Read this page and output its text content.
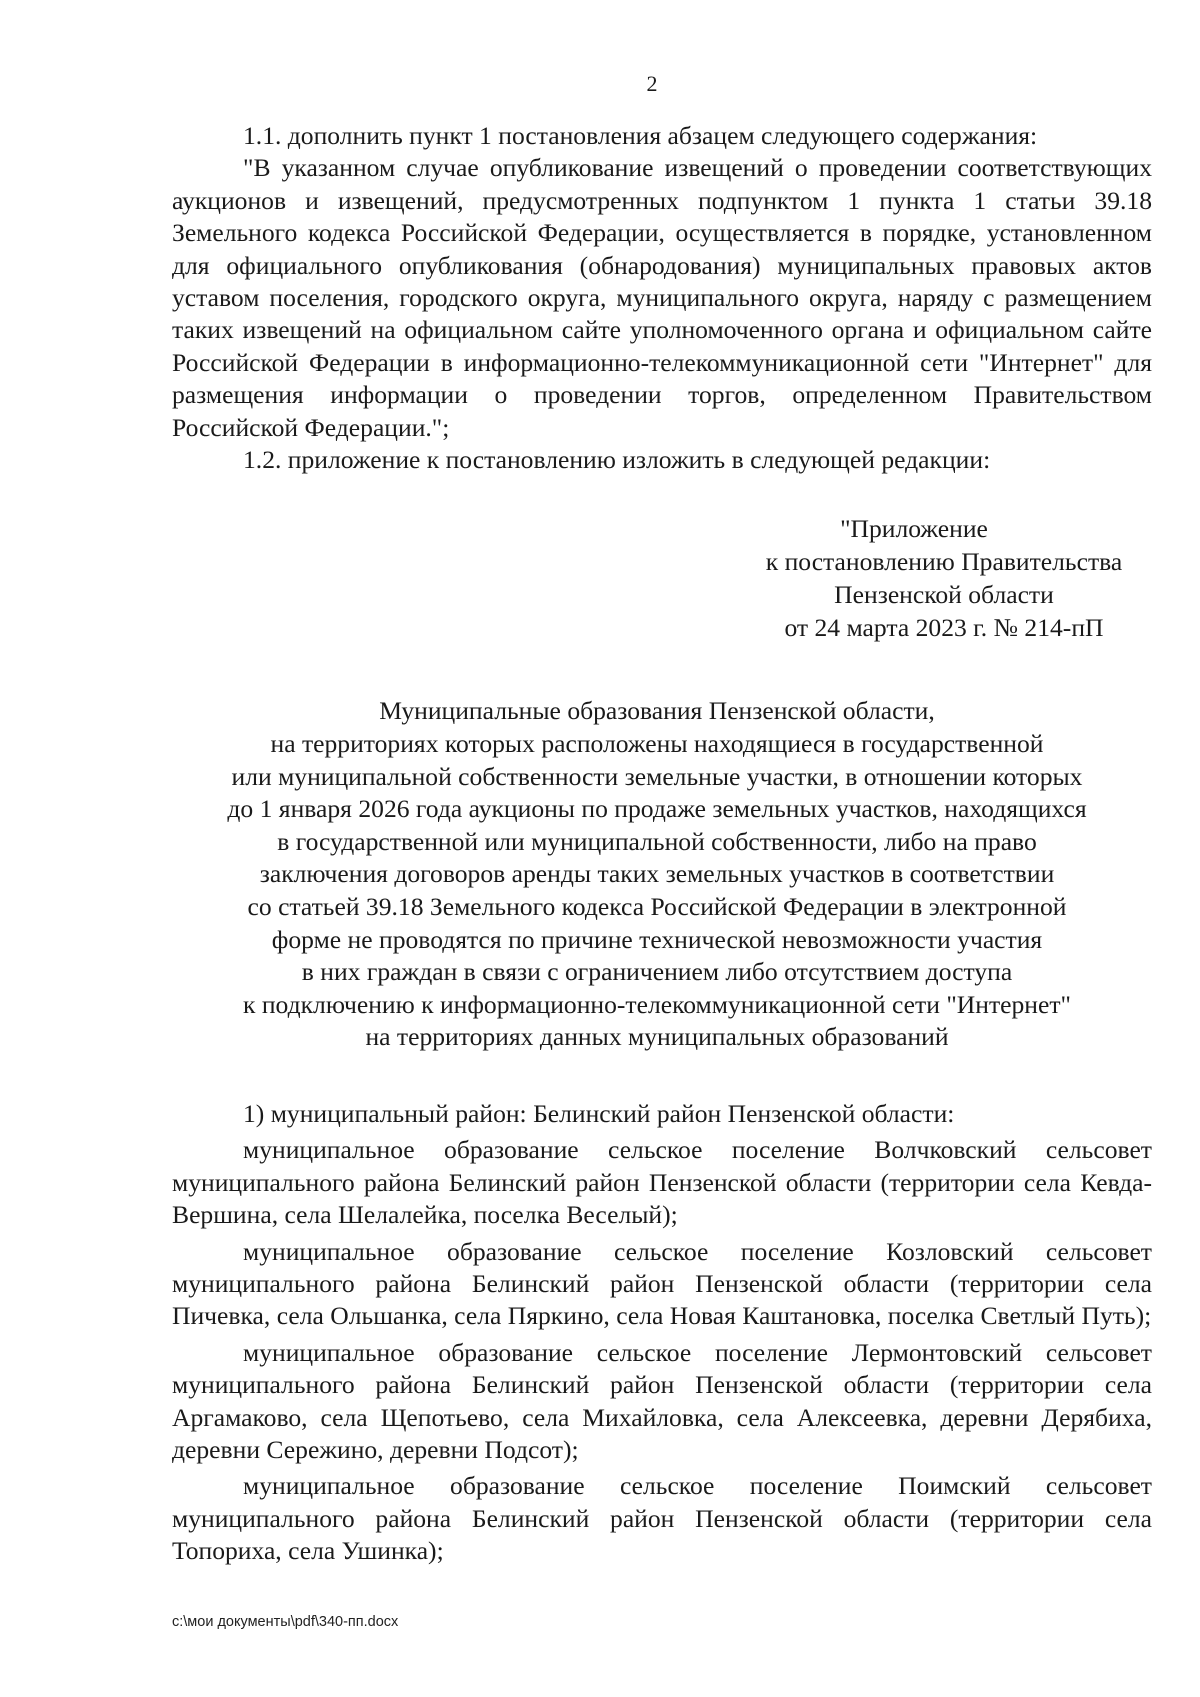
2

1.1. дополнить пункт 1 постановления абзацем следующего содержания:

"В указанном случае опубликование извещений о проведении соответствующих аукционов и извещений, предусмотренных подпунктом 1 пункта 1 статьи 39.18 Земельного кодекса Российской Федерации, осуществляется в порядке, установленном для официального опубликования (обнародования) муниципальных правовых актов уставом поселения, городского округа, муниципального округа, наряду с размещением таких извещений на официальном сайте уполномоченного органа и официальном сайте Российской Федерации в информационно-телекоммуникационной сети "Интернет" для размещения информации о проведении торгов, определенном Правительством Российской Федерации.";

1.2. приложение к постановлению изложить в следующей редакции:

"Приложение
к постановлению Правительства
Пензенской области
от 24 марта 2023 г. № 214-пП
Муниципальные образования Пензенской области,
на территориях которых расположены находящиеся в государственной
или муниципальной собственности земельные участки, в отношении которых
до 1 января 2026 года аукционы по продаже земельных участков, находящихся
в государственной или муниципальной собственности, либо на право
заключения договоров аренды таких земельных участков в соответствии
со статьей 39.18 Земельного кодекса Российской Федерации в электронной
форме не проводятся по причине технической невозможности участия
в них граждан в связи с ограничением либо отсутствием доступа
к подключению к информационно-телекоммуникационной сети "Интернет"
на территориях данных муниципальных образований

1) муниципальный район: Белинский район Пензенской области:

муниципальное образование сельское поселение Волчковский сельсовет муниципального района Белинский район Пензенской области (территории села Кевда-Вершина, села Шелалейка, поселка Веселый);

муниципальное образование сельское поселение Козловский сельсовет муниципального района Белинский район Пензенской области (территории села Пичевка, села Ольшанка, села Пяркино, села Новая Каштановка, поселка Светлый Путь);

муниципальное образование сельское поселение Лермонтовский сельсовет муниципального района Белинский район Пензенской области (территории села Аргамаково, села Щепотьево, села Михайловка, села Алексеевка, деревни Дерябиха, деревни Сережино, деревни Подсот);

муниципальное образование сельское поселение Поимский сельсовет муниципального района Белинский район Пензенской области (территории села Топориха, села Ушинка);

c:\мои документы\pdf\340-пп.docx
